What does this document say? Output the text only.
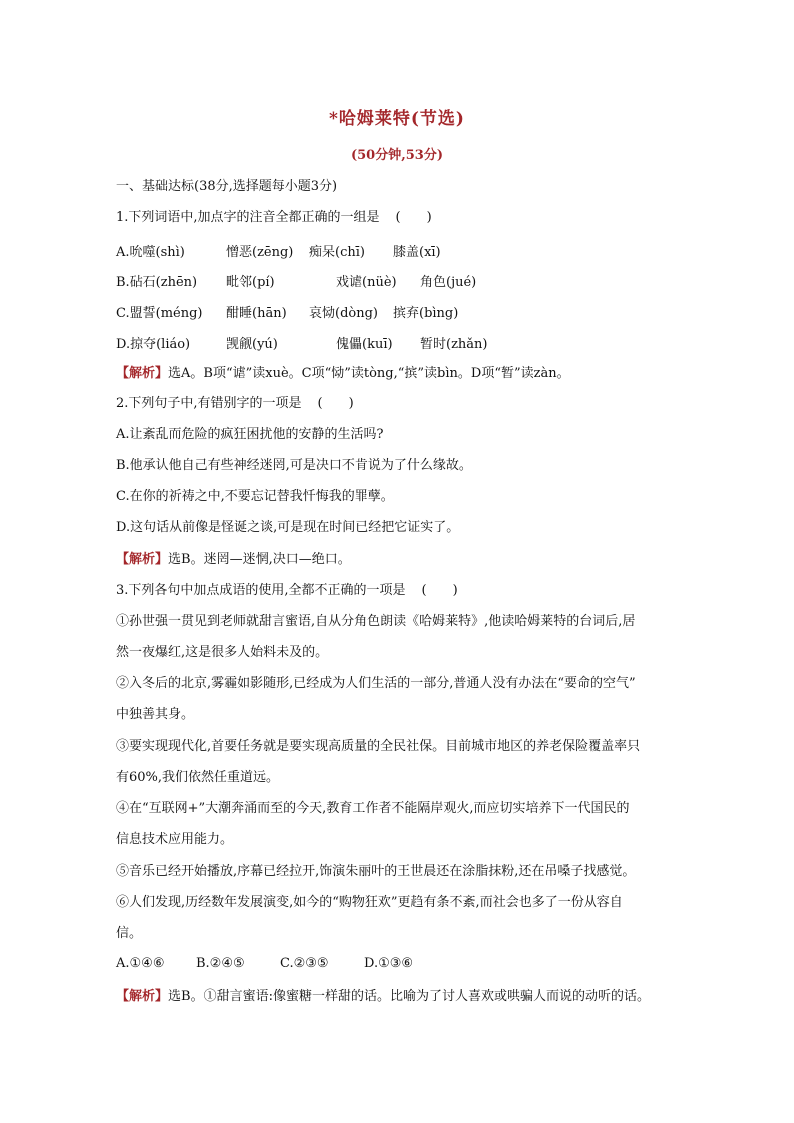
*哈姆莱特(节选)
(50分钟,53分)
一、基础达标(38分,选择题每小题3分)
1.下列词语中,加点字的注音全都正确的一组是 (　　)
A.吮噬(shì)	憎恶(zēng) 痴呆(chī) 膝盖(xī)
B.砧石(zhēn) 毗邻(pí)	戏谑(nüè) 角色(jué)
C.盟誓(méng) 酣睡(hān) 哀恸(dòng) 摈弃(bìng)
D.掠夺(liáo)	觊觎(yú)	傀儡(kuī) 暂时(zhǎn)
【解析】选A。B项“谑”读xuè。C项“恸”读tòng,“摈”读bìn。D项“暂”读zàn。
2.下列句子中,有错别字的一项是 (　　)
A.让紊乱而危险的疯狂困扰他的安静的生活吗?
B.他承认他自己有些神经迷罔,可是决口不肯说为了什么缘故。
C.在你的祈祷之中,不要忘记替我忏悔我的罪孽。
D.这句话从前像是怪诞之谈,可是现在时间已经把它证实了。
【解析】选B。迷罔—迷惘,决口—绝口。
3.下列各句中加点成语的使用,全都不正确的一项是 (　　)
①孙世强一贯见到老师就甜言蜜语,自从分角色朗读《哈姆莱特》,他读哈姆莱特的台词后,居
然一夜爆红,这是很多人始料未及的。
②入冬后的北京,雾霾如影随形,已经成为人们生活的一部分,普通人没有办法在“要命的空气”
中独善其身。
③要实现现代化,首要任务就是要实现高质量的全民社保。目前城市地区的养老保险覆盖率只
有60%,我们依然任重道远。
④在“互联网+”大潮奔涌而至的今天,教育工作者不能隔岸观火,而应切实培养下一代国民的
信息技术应用能力。
⑤音乐已经开始播放,序幕已经拉开,饰演朱丽叶的王世晨还在涂脂抹粉,还在吊嗓子找感觉。
⑥人们发现,历经数年发展演变,如今的“购物狂欢”更趋有条不紊,而社会也多了一份从容自
信。
A.①④⑥ B.②④⑤	C.②③⑤	D.①③⑥
【解析】选B。①甜言蜜语:像蜜糖一样甜的话。比喻为了讨人喜欢或哄骗人而说的动听的话。
